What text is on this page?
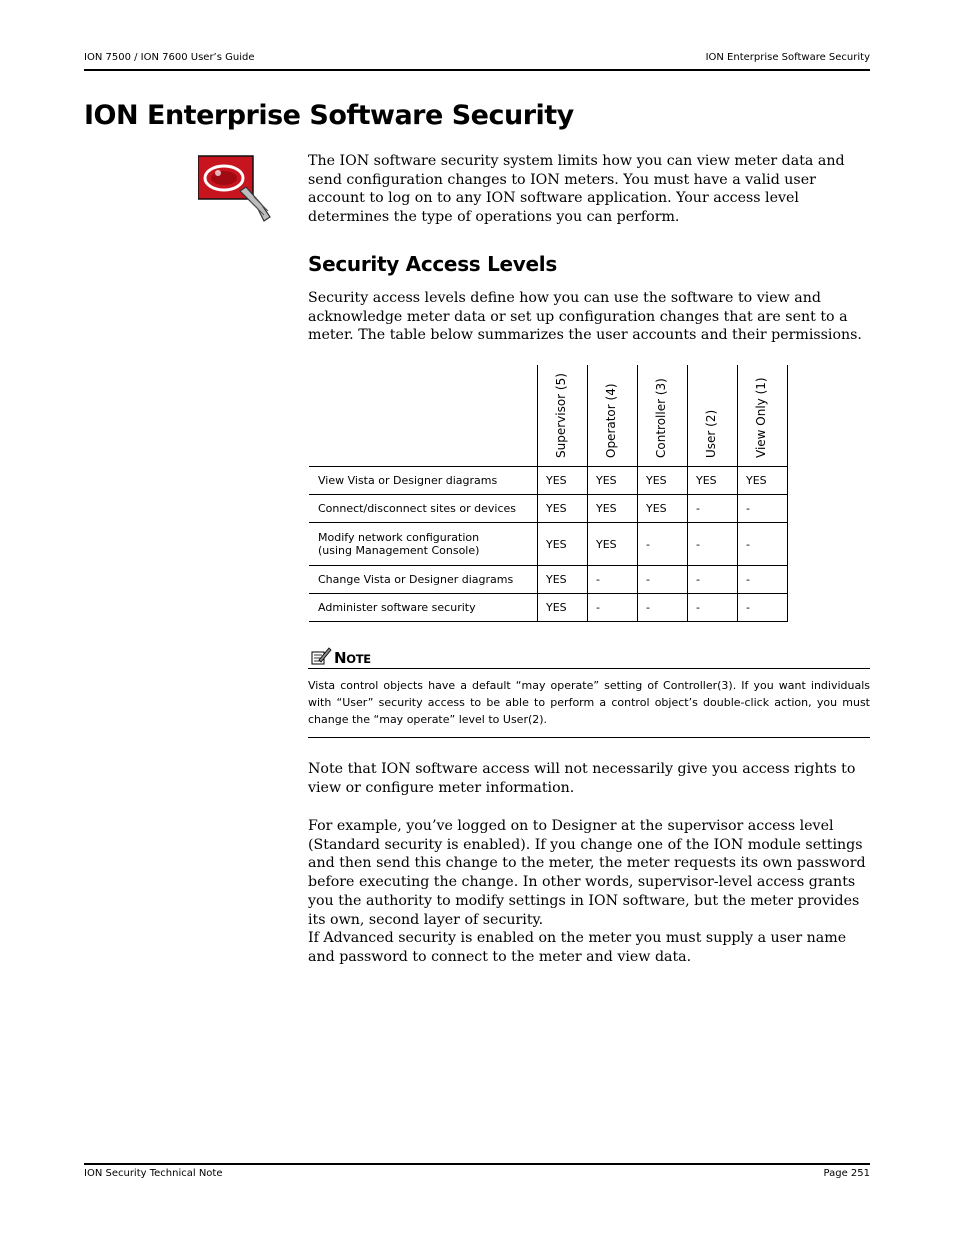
ION 7500 / ION 7600 User’s Guide	ION Enterprise Software Security
ION Enterprise Software Security

The ION software security system limits how you can view meter data and send configuration changes to ION meters. You must have a valid user account to log on to any ION software application. Your access level determines the type of operations you can perform.

Security Access Levels

Security access levels define how you can use the software to view and acknowledge meter data or set up configuration changes that are sent to a meter. The table below summarizes the user accounts and their permissions.

	Supervisor (5)	Operator (4)	Controller (3)	User (2)	View Only (1)

View Vista or Designer diagrams	YES	YES	YES	YES	YES
Connect/disconnect sites or devices	YES	YES	YES	-	-

Modify network configuration
(using Management Console)	YES	YES	-	-	-
Change Vista or Designer diagrams	YES	-	-	-	-
Administer software security	YES	-	-	-	-
NOTE
Vista control objects have a default “may operate” setting of Controller(3). If you want individuals with “User” security access to be able to perform a control object’s double-click action, you must change the “may operate” level to User(2).

Note that ION software access will not necessarily give you access rights to view or configure meter information.

For example, you’ve logged on to Designer at the supervisor access level (Standard security is enabled). If you change one of the ION module settings and then send this change to the meter, the meter requests its own password before executing the change. In other words, supervisor-level access grants you the authority to modify settings in ION software, but the meter provides its own, second layer of security.

If Advanced security is enabled on the meter you must supply a user name and password to connect to the meter and view data.

ION Security Technical Note	Page 251
